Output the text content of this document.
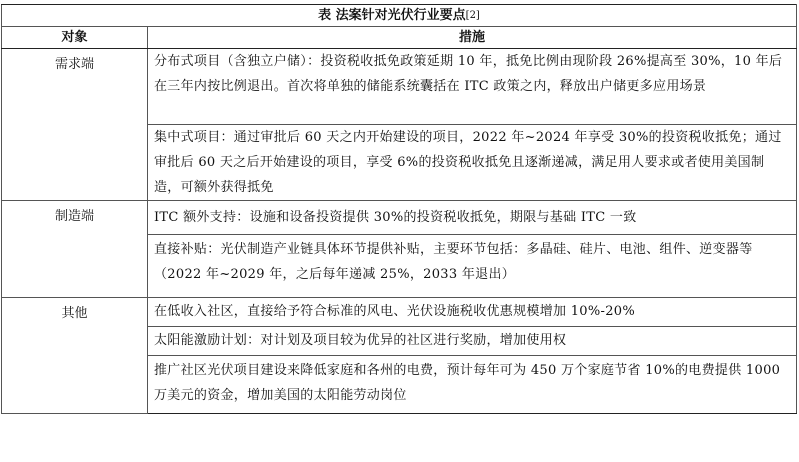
表 法案针对光伏行业要点[2]	
对象	措施
需求端	分布式项目（含独立户储）：投资税收抵免政策延期 10 年，抵免比例由现阶段 26%提高至 30%，10 年后在三年内按比例退出。首次将单独的储能系统囊括在 ITC 政策之内，释放出户储更多应用场景
	集中式项目：通过审批后 60 天之内开始建设的项目，2022 年~2024 年享受 30%的投资税收抵免；通过审批后 60 天之后开始建设的项目，享受 6%的投资税收抵免且逐渐递减，满足用人要求或者使用美国制造，可额外获得抵免
制造端	ITC 额外支持：设施和设备投资提供 30%的投资税收抵免，期限与基础 ITC 一致
	直接补贴：光伏制造产业链具体环节提供补贴，主要环节包括：多晶硅、硅片、电池、组件、逆变器等（2022 年~2029 年，之后每年递减 25%，2033 年退出）
其他	在低收入社区，直接给予符合标准的风电、光伏设施税收优惠规模增加 10%-20%
	太阳能激励计划：对计划及项目较为优异的社区进行奖励，增加使用权
	推广社区光伏项目建设来降低家庭和各州的电费，预计每年可为 450 万个家庭节省 10%的电费提供 1000 万美元的资金，增加美国的太阳能劳动岗位
